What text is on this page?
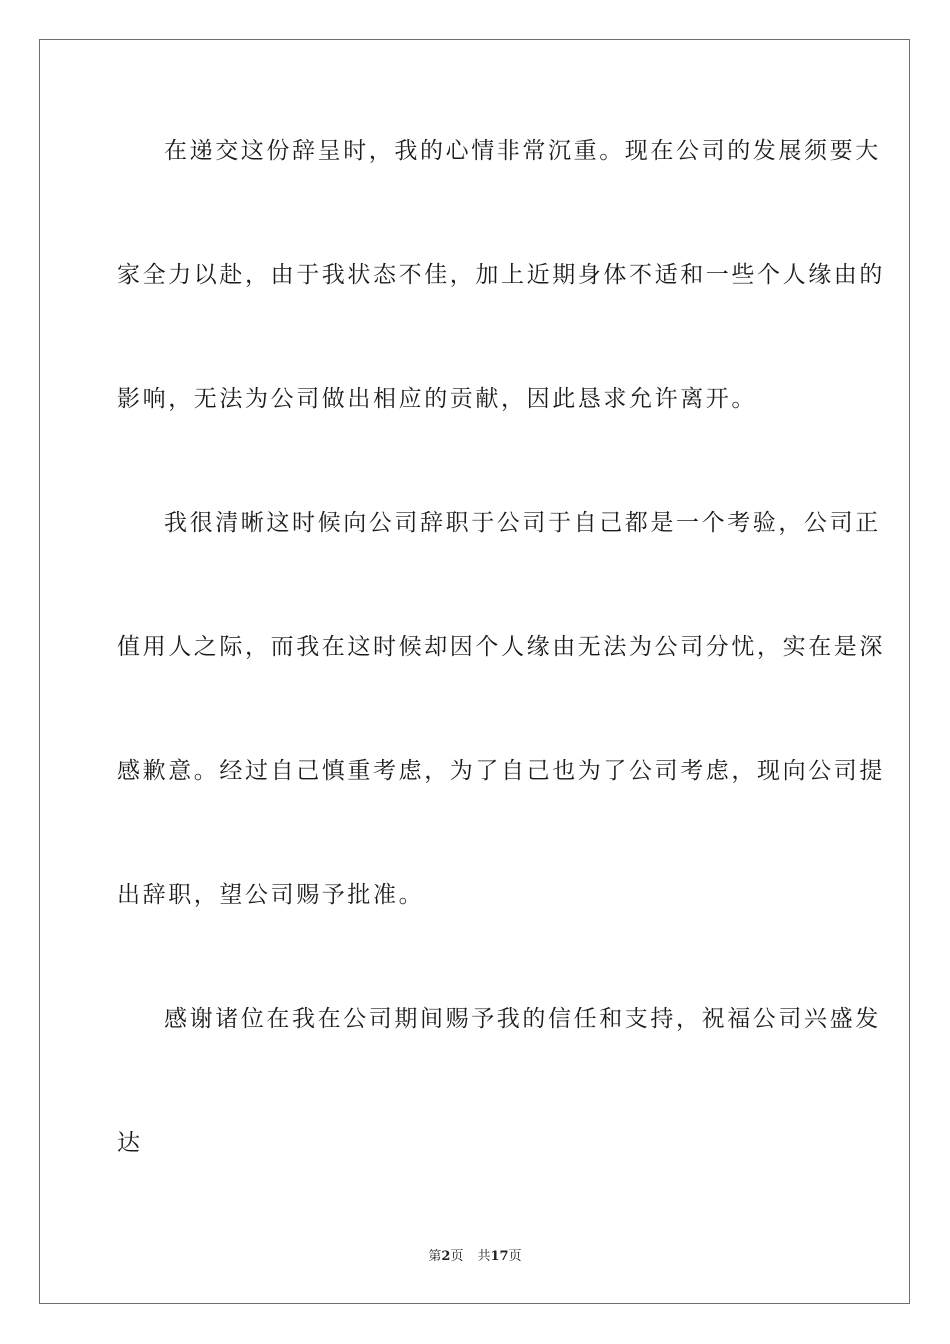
在递交这份辞呈时，我的心情非常沉重。现在公司的发展须要大
家全力以赴，由于我状态不佳，加上近期身体不适和一些个人缘由的
影响，无法为公司做出相应的贡献，因此恳求允许离开。
我很清晰这时候向公司辞职于公司于自己都是一个考验，公司正
值用人之际，而我在这时候却因个人缘由无法为公司分忧，实在是深
感歉意。经过自己慎重考虑，为了自己也为了公司考虑，现向公司提
出辞职，望公司赐予批准。
感谢诸位在我在公司期间赐予我的信任和支持，祝福公司兴盛发
达
第2页 共17页
